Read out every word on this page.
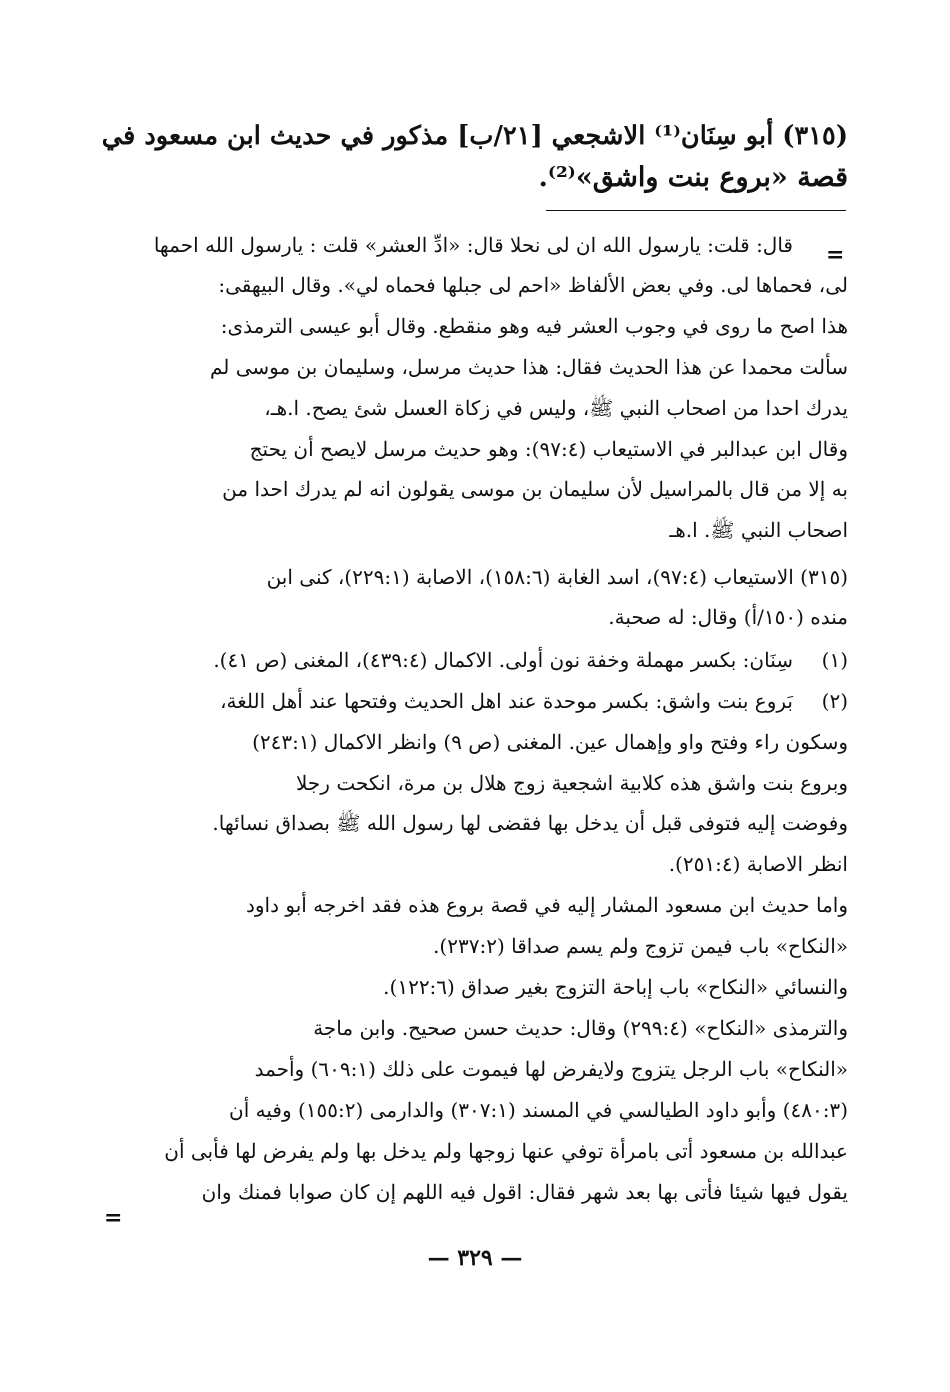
(٣١٥) أبو سِنَان⁽¹⁾ الاشجعي [٢١/ب] مذكور في حديث ابن مسعود في
قصة «بروع بنت واشق»⁽²⁾.
=
قال: قلت: يارسول الله ان لى نحلا قال: «ادِّ العشر» قلت : يارسول الله احمها
لى، فحماها لى. وفي بعض الألفاظ «احم لى جبلها فحماه لي». وقال البيهقى:
هذا اصح ما روى في وجوب العشر فيه وهو منقطع. وقال أبو عيسى الترمذى:
سألت محمدا عن هذا الحديث فقال: هذا حديث مرسل، وسليمان بن موسى لم
يدرك احدا من اصحاب النبي ﷺ، وليس في زكاة العسل شئ يصح. ا.هـ،
وقال ابن عبدالبر في الاستيعاب (٩٧:٤): وهو حديث مرسل لايصح أن يحتج
به إلا من قال بالمراسيل لأن سليمان بن موسى يقولون انه لم يدرك احدا من
اصحاب النبي ﷺ. ا.هـ
(٣١٥) الاستيعاب (٩٧:٤)، اسد الغابة (١٥٨:٦)، الاصابة (٢٢٩:١)، كنى ابن
منده (١٥٠/أ) وقال: له صحبة.
(١)
سِنَان: بكسر مهملة وخفة نون أولى. الاكمال (٤٣٩:٤)، المغنى (ص ٤١).
(٢)
بَروع بنت واشق: بكسر موحدة عند اهل الحديث وفتحها عند أهل اللغة،
وسكون راء وفتح واو وإهمال عين. المغنى (ص ٩) وانظر الاكمال (٢٤٣:١)
وبروع بنت واشق هذه كلابية اشجعية زوج هلال بن مرة، انكحت رجلا
وفوضت إليه فتوفى قبل أن يدخل بها فقضى لها رسول الله ﷺ بصداق نسائها.
انظر الاصابة (٢٥١:٤).
واما حديث ابن مسعود المشار إليه في قصة بروع هذه فقد اخرجه أبو داود
«النكاح» باب فيمن تزوج ولم يسم صداقا (٢٣٧:٢).
والنسائي «النكاح» باب إباحة التزوج بغير صداق (١٢٢:٦).
والترمذى «النكاح» (٢٩٩:٤) وقال: حديث حسن صحيح. وابن ماجة
«النكاح» باب الرجل يتزوج ولايفرض لها فيموت على ذلك (٦٠٩:١) وأحمد
(٤٨٠:٣) وأبو داود الطيالسي في المسند (٣٠٧:١) والدارمى (١٥٥:٢) وفيه أن
عبدالله بن مسعود أتى بامرأة توفي عنها زوجها ولم يدخل بها ولم يفرض لها فأبى أن
يقول فيها شيئا فأتى بها بعد شهر فقال: اقول فيه اللهم إن كان صوابا فمنك وان
=
— ٣٢٩ —
